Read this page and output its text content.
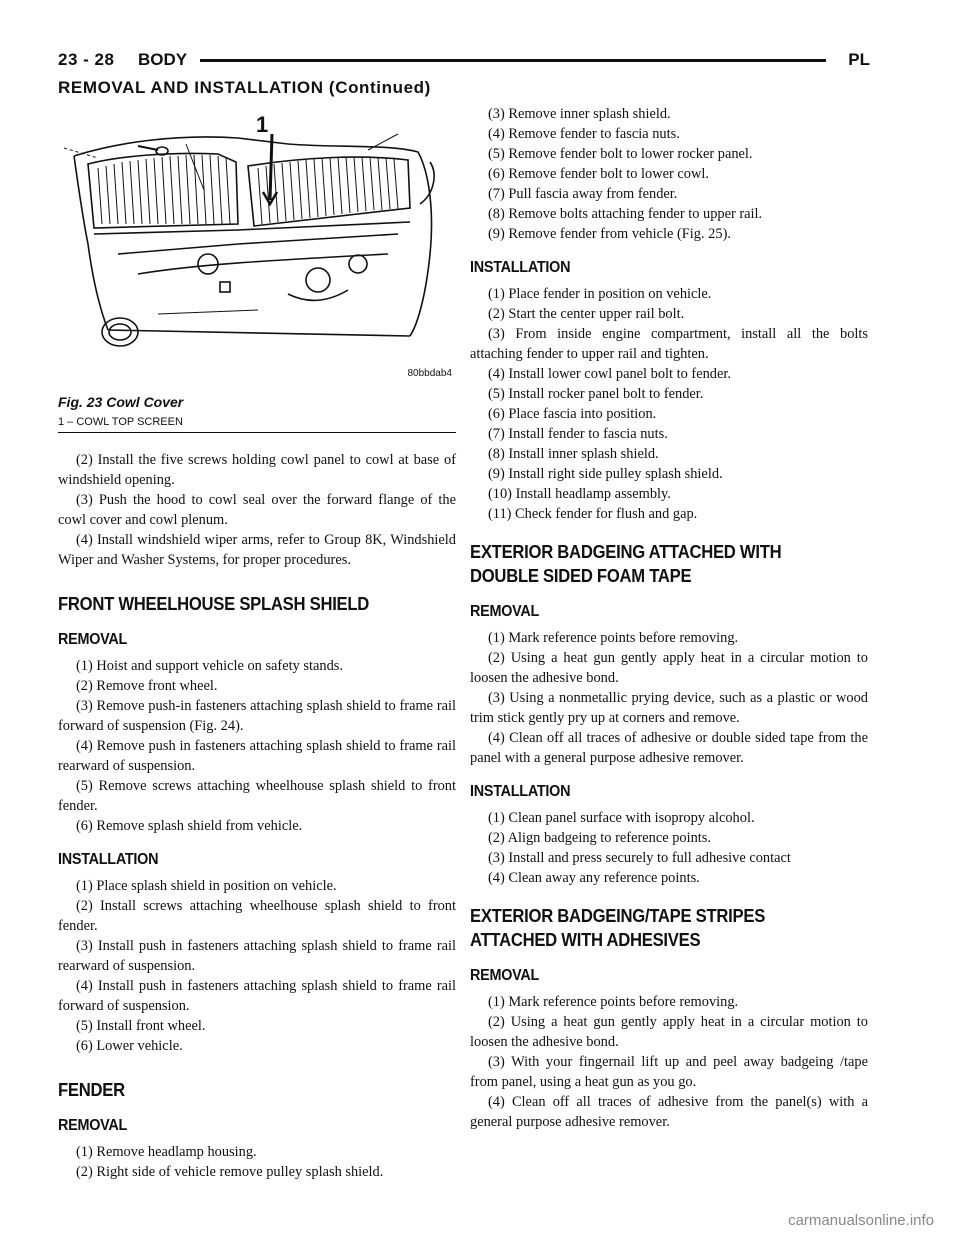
23 - 28 BODY	PL
REMOVAL AND INSTALLATION (Continued)
1
80bbdab4
Fig. 23 Cowl Cover
1 – COWL TOP SCREEN

(2) Install the five screws holding cowl panel to cowl at base of windshield opening.

(3) Push the hood to cowl seal over the forward flange of the cowl cover and cowl plenum.

(4) Install windshield wiper arms, refer to Group 8K, Windshield Wiper and Washer Systems, for proper procedures.

FRONT WHEELHOUSE SPLASH SHIELD
REMOVAL

(1) Hoist and support vehicle on safety stands.

(2) Remove front wheel.

(3) Remove push-in fasteners attaching splash shield to frame rail forward of suspension (Fig. 24).

(4) Remove push in fasteners attaching splash shield to frame rail rearward of suspension.

(5) Remove screws attaching wheelhouse splash shield to front fender.

(6) Remove splash shield from vehicle.

INSTALLATION

(1) Place splash shield in position on vehicle.

(2) Install screws attaching wheelhouse splash shield to front fender.

(3) Install push in fasteners attaching splash shield to frame rail rearward of suspension.

(4) Install push in fasteners attaching splash shield to frame rail forward of suspension.

(5) Install front wheel.

(6) Lower vehicle.

FENDER
REMOVAL

(1) Remove headlamp housing.

(2) Right side of vehicle remove pulley splash shield.

(3) Remove inner splash shield.

(4) Remove fender to fascia nuts.

(5) Remove fender bolt to lower rocker panel.

(6) Remove fender bolt to lower cowl.

(7) Pull fascia away from fender.

(8) Remove bolts attaching fender to upper rail.

(9) Remove fender from vehicle (Fig. 25).

INSTALLATION

(1) Place fender in position on vehicle.

(2) Start the center upper rail bolt.

(3) From inside engine compartment, install all the bolts attaching fender to upper rail and tighten.

(4) Install lower cowl panel bolt to fender.

(5) Install rocker panel bolt to fender.

(6) Place fascia into position.

(7) Install fender to fascia nuts.

(8) Install inner splash shield.

(9) Install right side pulley splash shield.

(10) Install headlamp assembly.

(11) Check fender for flush and gap.

EXTERIOR BADGEING ATTACHED WITH
DOUBLE SIDED FOAM TAPE
REMOVAL

(1) Mark reference points before removing.

(2) Using a heat gun gently apply heat in a circular motion to loosen the adhesive bond.

(3) Using a nonmetallic prying device, such as a plastic or wood trim stick gently pry up at corners and remove.

(4) Clean off all traces of adhesive or double sided tape from the panel with a general purpose adhesive remover.

INSTALLATION

(1) Clean panel surface with isopropy alcohol.

(2) Align badgeing to reference points.

(3) Install and press securely to full adhesive contact

(4) Clean away any reference points.

EXTERIOR BADGEING/TAPE STRIPES
ATTACHED WITH ADHESIVES
REMOVAL

(1) Mark reference points before removing.

(2) Using a heat gun gently apply heat in a circular motion to loosen the adhesive bond.

(3) With your fingernail lift up and peel away badgeing /tape from panel, using a heat gun as you go.

(4) Clean off all traces of adhesive from the panel(s) with a general purpose adhesive remover.

carmanualsonline.info
